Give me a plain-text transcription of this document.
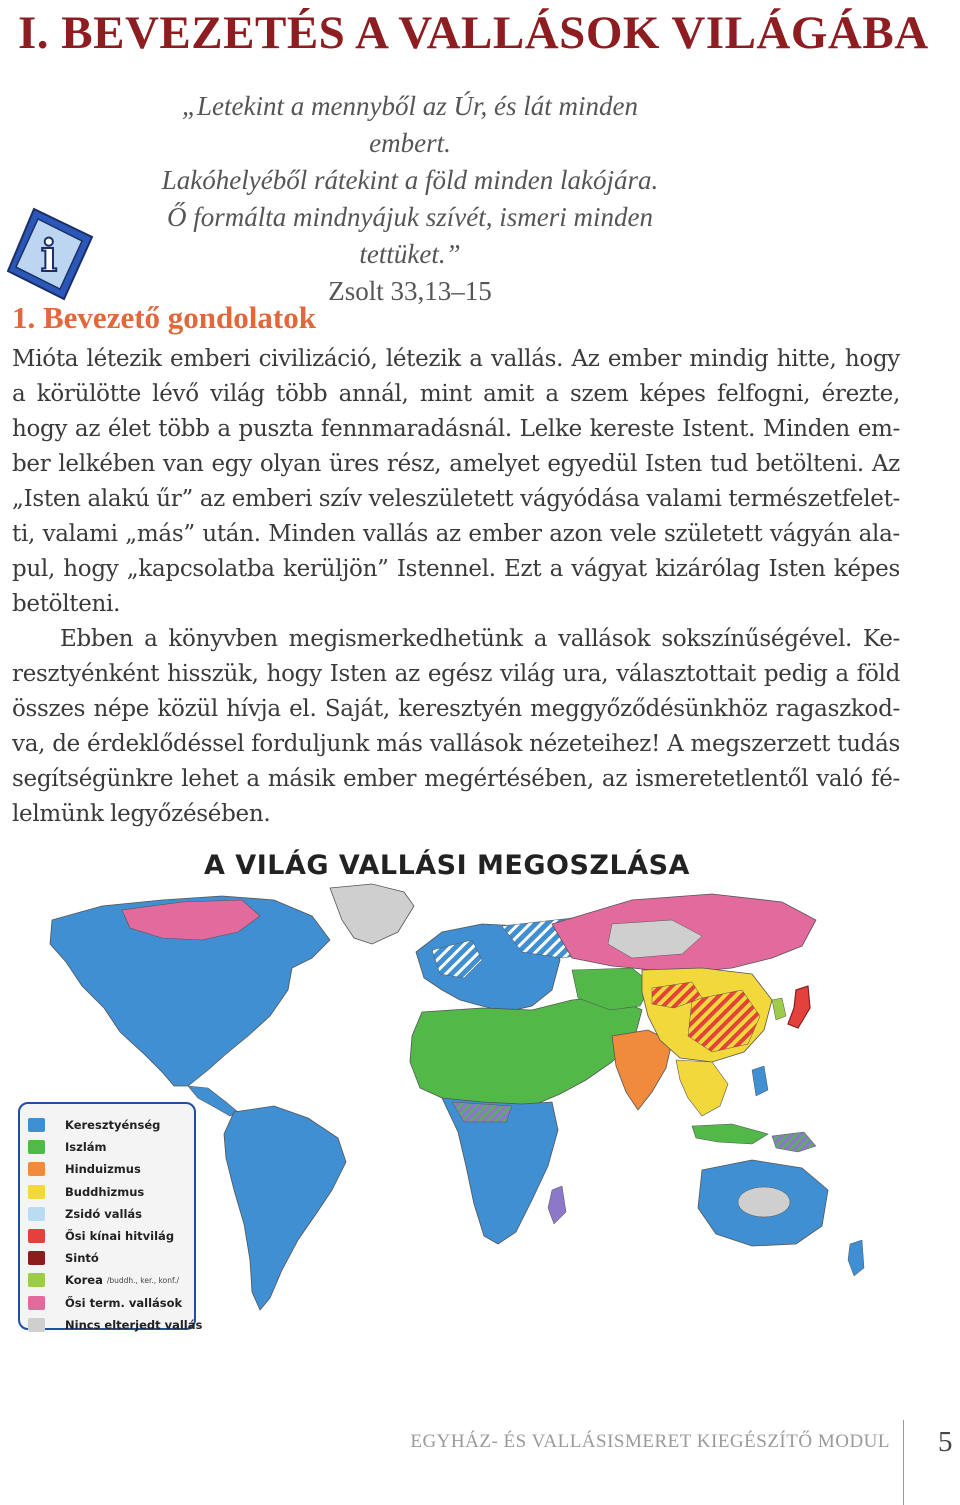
I. BEVEZETÉS A VALLÁSOK VILÁGÁBA
„Letekint a mennyből az Úr, és lát minden embert.
Lakóhelyéből rátekint a föld minden lakójára.
Ő formálta mindnyájuk szívét, ismeri minden tettüket.”
Zsolt 33,13–15
i
1. Bevezető gondolatok
Mióta létezik emberi civilizáció, létezik a vallás. Az ember mindig hitte, hogy
a körülötte lévő világ több annál, mint amit a szem képes felfogni, érezte,
hogy az élet több a puszta fennmaradásnál. Lelke kereste Istent. Minden em-
ber lelkében van egy olyan üres rész, amelyet egyedül Isten tud betölteni. Az
„Isten alakú űr” az emberi szív veleszületett vágyódása valami természetfelet-
ti, valami „más” után. Minden vallás az ember azon vele született vágyán ala-
pul, hogy „kapcsolatba kerüljön” Istennel. Ezt a vágyat kizárólag Isten képes
betölteni.
Ebben a könyvben megismerkedhetünk a vallások sokszínűségével. Ke-
resztyénként hisszük, hogy Isten az egész világ ura, választottait pedig a föld
összes népe közül hívja el. Saját, keresztyén meggyőződésünkhöz ragaszkod-
va, de érdeklődéssel forduljunk más vallások nézeteihez! A megszerzett tudás
segítségünkre lehet a másik ember megértésében, az ismeretetlentől való fé-
lelmünk legyőzésében.
A VILÁG VALLÁSI MEGOSZLÁSA
Keresztyénség
Iszlám
Hinduizmus
Buddhizmus
Zsidó vallás
Ősi kínai hitvilág
Sintó
Korea /buddh., ker., konf./
Ősi term. vallások
Nincs elterjedt vallás
EGYHÁZ- ÉS VALLÁSISMERET KIEGÉSZÍTŐ MODUL 5
